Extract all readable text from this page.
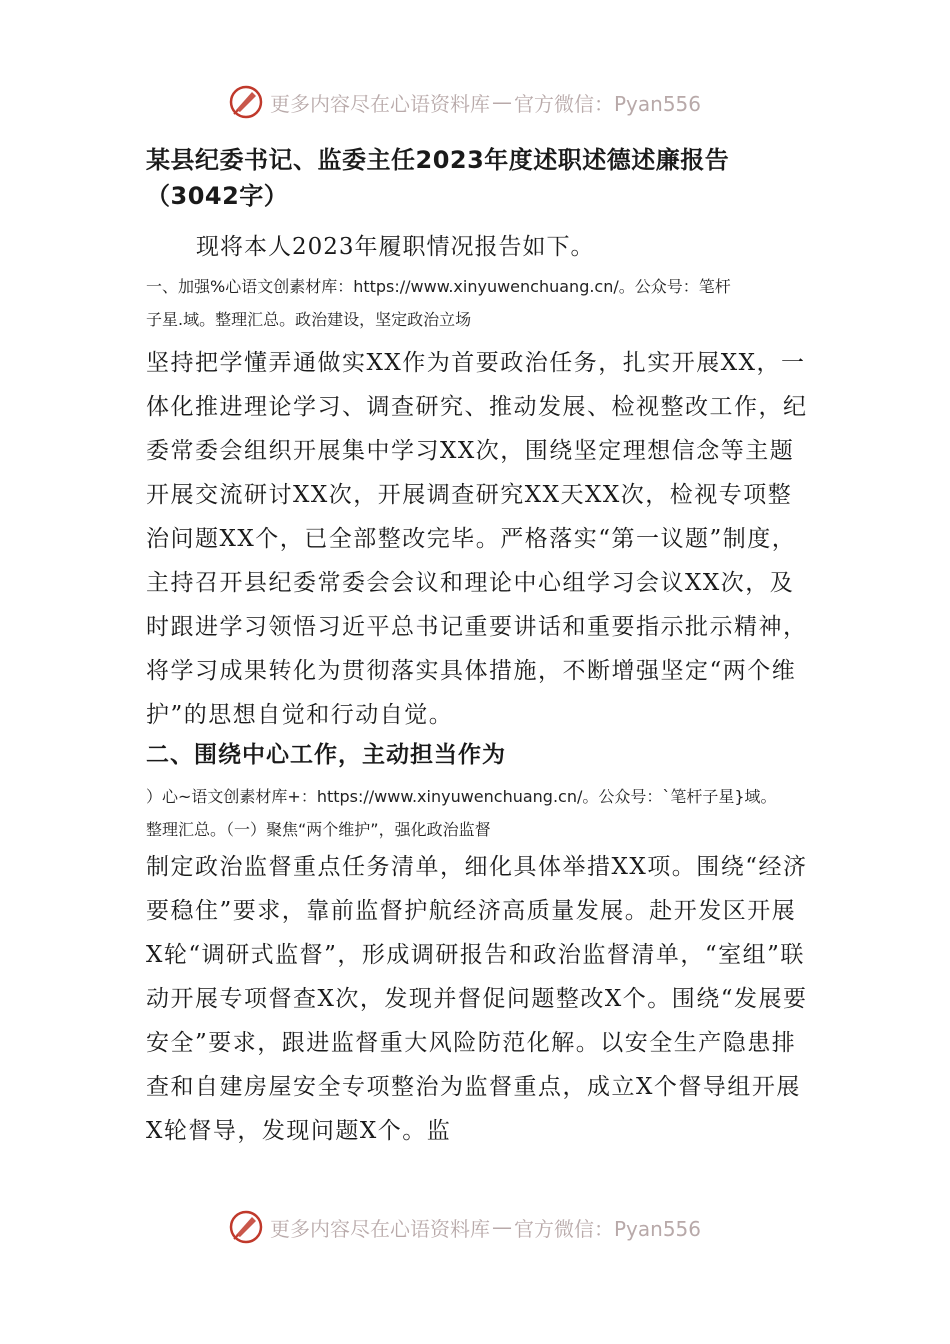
更多内容尽在心语资料库 — 官方微信：Pyan556
某县纪委书记、监委主任2023年度述职述德述廉报告
（3042字）
现将本人2023年履职情况报告如下。
一、加强%心语文创素材库：https://www.xinyuwenchuang.cn/。公众号：笔杆
子星.域。整理汇总。政治建设，坚定政治立场
坚持把学懂弄通做实XX作为首要政治任务，扎实开展XX，一体化推进理论学习、调查研究、推动发展、检视整改工作，纪委常委会组织开展集中学习XX次，围绕坚定理想信念等主题开展交流研讨XX次，开展调查研究XX天XX次，检视专项整治问题XX个，已全部整改完毕。严格落实“第一议题”制度，主持召开县纪委常委会会议和理论中心组学习会议XX次，及时跟进学习领悟习近平总书记重要讲话和重要指示批示精神，将学习成果转化为贯彻落实具体措施，不断增强坚定“两个维护”的思想自觉和行动自觉。
二、围绕中心工作，主动担当作为
）心~语文创素材库+：https://www.xinyuwenchuang.cn/。公众号：`笔杆子星}域。
整理汇总。（一）聚焦“两个维护”，强化政治监督
制定政治监督重点任务清单，细化具体举措XX项。围绕“经济要稳住”要求，靠前监督护航经济高质量发展。赴开发区开展X轮“调研式监督”，形成调研报告和政治监督清单，“室组”联动开展专项督查X次，发现并督促问题整改X个。围绕“发展要安全”要求，跟进监督重大风险防范化解。以安全生产隐患排查和自建房屋安全专项整治为监督重点，成立X个督导组开展X轮督导，发现问题X个。监
更多内容尽在心语资料库 — 官方微信：Pyan556
